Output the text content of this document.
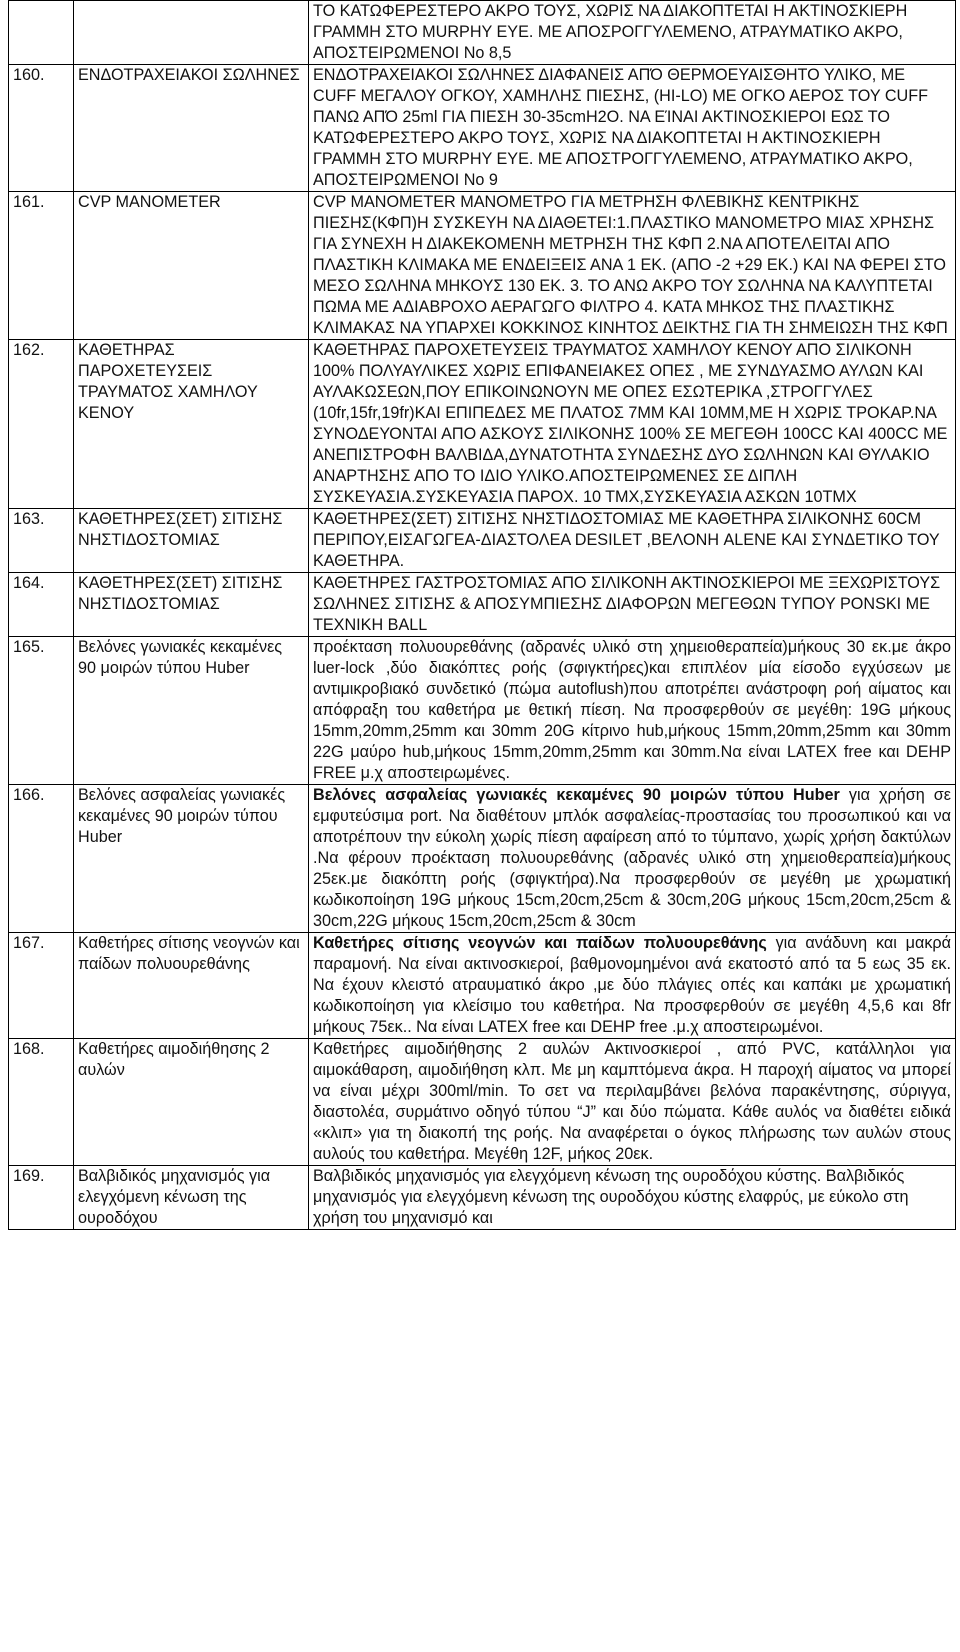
		ΤΟ ΚΑΤΩΦΕΡΕΣΤΕΡΟ ΑΚΡΟ ΤΟΥΣ, ΧΩΡΙΣ ΝΑ ΔΙΑΚΟΠΤΕΤΑΙ Η ΑΚΤΙΝΟΣΚΙΕΡΗ ΓΡΑΜΜΗ ΣΤΟ MURPHY ΕΥΕ. ΜΕ ΑΠΟΣΡΟΓΓΥΛΕΜΕΝΟ, ΑΤΡΑΥΜΑΤΙΚΟ ΑΚΡΟ, ΑΠΟΣΤΕΙΡΩΜΕΝΟΙ Νο 8,5
160.	ΕΝΔΟΤΡΑΧΕΙΑΚΟΙ ΣΩΛΗΝΕΣ	ΕΝΔΟΤΡΑΧΕΙΑΚΟΙ ΣΩΛΗΝΕΣ ΔΙΑΦΑΝΕΙΣ ΑΠΌ ΘΕΡΜΟΕΥΑΙΣΘΗΤΟ ΥΛΙΚΟ, ΜΕ CUFF ΜΕΓΑΛΟΥ ΟΓΚΟΥ, ΧΑΜΗΛΗΣ ΠΙΕΣΗΣ, (HI-LO) ΜΕ ΟΓΚΟ ΑΕΡΟΣ ΤΟΥ CUFF ΠΑΝΩ ΑΠΌ 25ml ΓΙΑ ΠΙΕΣΗ 30-35cmH2O. ΝΑ ΕΊΝΑΙ ΑΚΤΙΝΟΣΚΙΕΡΟΙ ΕΩΣ ΤΟ ΚΑΤΩΦΕΡΕΣΤΕΡΟ ΑΚΡΟ ΤΟΥΣ, ΧΩΡΙΣ ΝΑ ΔΙΑΚΟΠΤΕΤΑΙ Η ΑΚΤΙΝΟΣΚΙΕΡΗ ΓΡΑΜΜΗ ΣΤΟ MURPHY ΕΥΕ. ΜΕ ΑΠΟΣΤΡΟΓΓΥΛΕΜΕΝΟ, ΑΤΡΑΥΜΑΤΙΚΟ ΑΚΡΟ, ΑΠΟΣΤΕΙΡΩΜΕΝΟΙ Νο 9
161.	CVP MANOMETER	CVP MANOMETER ΜΑΝΟΜΕΤΡΟ ΓΙΑ ΜΕΤΡΗΣΗ ΦΛΕΒΙΚΗΣ ΚΕΝΤΡΙΚΗΣ ΠΙΕΣΗΣ(ΚΦΠ)Η ΣΥΣΚΕΥΗ ΝΑ ΔΙΑΘΕΤΕΙ:1.ΠΛΑΣΤΙΚΟ ΜΑΝΟΜΕΤΡΟ ΜΙΑΣ ΧΡΗΣΗΣ ΓΙΑ ΣΥΝΕΧΗ Η ΔΙΑΚΕΚΟΜΕΝΗ ΜΕΤΡΗΣΗ ΤΗΣ ΚΦΠ 2.ΝΑ ΑΠΟΤΕΛΕΙΤΑΙ ΑΠΟ ΠΛΑΣΤΙΚΗ ΚΛΙΜΑΚΑ ΜΕ ΕΝΔΕΙΞΕΙΣ ΑΝΑ 1 ΕΚ. (ΑΠΟ -2 +29 ΕΚ.) ΚΑΙ ΝΑ ΦΕΡΕΙ ΣΤΟ ΜΕΣΟ ΣΩΛΗΝΑ ΜΗΚΟΥΣ 130 ΕΚ. 3. ΤΟ ΑΝΩ ΑΚΡΟ ΤΟΥ ΣΩΛΗΝΑ ΝΑ ΚΑΛΥΠΤΕΤΑΙ ΠΩΜΑ ΜΕ ΑΔΙΑΒΡΟΧΟ ΑΕΡΑΓΩΓΟ ΦΙΛΤΡΟ 4. ΚΑΤΑ ΜΗΚΟΣ ΤΗΣ ΠΛΑΣΤΙΚΗΣ ΚΛΙΜΑΚΑΣ ΝΑ ΥΠΑΡΧΕΙ ΚΟΚΚΙΝΟΣ ΚΙΝΗΤΟΣ ΔΕΙΚΤΗΣ ΓΙΑ ΤΗ ΣΗΜΕΙΩΣΗ ΤΗΣ ΚΦΠ
162.	ΚΑΘΕΤΗΡΑΣ ΠΑΡΟΧΕΤΕΥΣΕΙΣ ΤΡΑΥΜΑΤΟΣ ΧΑΜΗΛΟΥ ΚΕΝΟΥ	ΚΑΘΕΤΗΡΑΣ ΠΑΡΟΧΕΤΕΥΣΕΙΣ ΤΡΑΥΜΑΤΟΣ ΧΑΜΗΛΟΥ ΚΕΝΟΥ ΑΠΟ ΣΙΛΙΚΟΝΗ 100% ΠΟΛΥΑΥΛΙΚΕΣ ΧΩΡΙΣ ΕΠΙΦΑΝΕΙΑΚΕΣ ΟΠΕΣ , ΜΕ ΣΥΝΔΥΑΣΜΟ ΑΥΛΩΝ ΚΑΙ ΑΥΛΑΚΩΣΕΩΝ,ΠΟΥ ΕΠΙΚΟΙΝΩΝΟΥΝ ΜΕ ΟΠΕΣ ΕΣΩΤΕΡΙΚΑ ,ΣΤΡΟΓΓΥΛΕΣ (10fr,15fr,19fr)ΚΑΙ ΕΠΙΠΕΔΕΣ ΜΕ ΠΛΑΤΟΣ 7ΜΜ ΚΑΙ 10ΜΜ,ΜΕ Η ΧΩΡΙΣ ΤΡΟΚΑΡ.ΝΑ ΣΥΝΟΔΕΥΟΝΤΑΙ ΑΠΟ ΑΣΚΟΥΣ ΣΙΛΙΚΟΝΗΣ 100% ΣΕ ΜΕΓΕΘΗ 100CC ΚΑΙ 400CC ΜΕ ΑΝΕΠΙΣΤΡΟΦΗ ΒΑΛΒΙΔΑ,ΔΥΝΑΤΟΤΗΤΑ ΣΥΝΔΕΣΗΣ ΔΥΟ ΣΩΛΗΝΩΝ ΚΑΙ ΘΥΛΑΚΙΟ ΑΝΑΡΤΗΣΗΣ ΑΠΟ ΤΟ ΙΔΙΟ ΥΛΙΚΟ.ΑΠΟΣΤΕΙΡΩΜΕΝΕΣ ΣΕ ΔΙΠΛΗ ΣΥΣΚΕΥΑΣΙΑ.ΣΥΣΚΕΥΑΣΙΑ ΠΑΡΟΧ. 10 ΤΜΧ,ΣΥΣΚΕΥΑΣΙΑ ΑΣΚΩΝ 10ΤΜΧ
163.	ΚΑΘΕΤΗΡΕΣ(ΣΕΤ) ΣΙΤΙΣΗΣ ΝΗΣΤΙΔΟΣΤΟΜΙΑΣ	ΚΑΘΕΤΗΡΕΣ(ΣΕΤ) ΣΙΤΙΣΗΣ ΝΗΣΤΙΔΟΣΤΟΜΙΑΣ ΜΕ ΚΑΘΕΤΗΡΑ ΣΙΛΙΚΟΝΗΣ 60CM ΠΕΡΙΠΟΥ,ΕΙΣΑΓΩΓΕΑ-ΔΙΑΣΤΟΛΕΑ DESILET ,ΒΕΛΟΝΗ ALENE ΚΑΙ ΣΥΝΔΕΤΙΚΟ ΤΟΥ ΚΑΘΕΤΗΡΑ.
164.	ΚΑΘΕΤΗΡΕΣ(ΣΕΤ) ΣΙΤΙΣΗΣ ΝΗΣΤΙΔΟΣΤΟΜΙΑΣ	ΚΑΘΕΤΗΡΕΣ ΓΑΣΤΡΟΣΤΟΜΙΑΣ ΑΠΟ ΣΙΛΙΚΟΝΗ ΑΚΤΙΝΟΣΚΙΕΡΟΙ ΜΕ ΞΕΧΩΡΙΣΤΟΥΣ ΣΩΛΗΝΕΣ ΣΙΤΙΣΗΣ & ΑΠΟΣΥΜΠΙΕΣΗΣ ΔΙΑΦΟΡΩΝ ΜΕΓΕΘΩΝ ΤΥΠΟΥ PONSKI ΜΕ ΤΕΧΝΙΚΗ BALL
165.	Βελόνες γωνιακές κεκαμένες 90 μοιρών τύπου Huber	προέκταση πολυουρεθάνης (αδρανές υλικό στη χημειοθεραπεία)μήκους 30 εκ.με άκρο luer-lock ,δύο διακόπτες ροής (σφιγκτήρες)και επιπλέον μία είσοδο εγχύσεων με αντιμικροβιακό συνδετικό (πώμα autoflush)που αποτρέπει ανάστροφη ροή αίματος και απόφραξη του καθετήρα με θετική πίεση. Να προσφερθούν σε μεγέθη: 19G μήκους 15mm,20mm,25mm και 30mm 20G κίτρινο hub,μήκους 15mm,20mm,25mm και 30mm 22G μαύρο hub,μήκους 15mm,20mm,25mm και 30mm.Να είναι LATEX free και DEHP FREE μ.χ αποστειρωμένες.
166.	Βελόνες ασφαλείας γωνιακές κεκαμένες 90 μοιρών τύπου Huber	Βελόνες ασφαλείας γωνιακές κεκαμένες 90 μοιρών τύπου Huber για χρήση σε εμφυτεύσιμα port. Να διαθέτουν μπλόκ ασφαλείας-προστασίας του προσωπικού και να αποτρέπουν την εύκολη χωρίς πίεση αφαίρεση από το τύμπανο, χωρίς χρήση δακτύλων .Να φέρουν προέκταση πολυουρεθάνης (αδρανές υλικό στη χημειοθεραπεία)μήκους 25εκ.με διακόπτη ροής (σφιγκτήρα).Να προσφερθούν σε μεγέθη με χρωματική κωδικοποίηση 19G μήκους 15cm,20cm,25cm & 30cm,20G μήκους 15cm,20cm,25cm & 30cm,22G μήκους 15cm,20cm,25cm & 30cm
167.	Καθετήρες σίτισης νεογνών και παίδων πολυουρεθάνης	Καθετήρες σίτισης νεογνών και παίδων πολυουρεθάνης για ανάδυνη και μακρά παραμονή. Να είναι ακτινοσκιεροί, βαθμονομημένοι ανά εκατοστό από τα 5 εως 35 εκ. Να έχουν κλειστό ατραυματικό άκρο ,με δύο πλάγιες οπές και καπάκι με χρωματική κωδικοποίηση για κλείσιμο του καθετήρα. Να προσφερθούν σε μεγέθη 4,5,6 και 8fr μήκους 75εκ.. Να είναι LATEX free και DEHP free .μ.χ αποστειρωμένοι.
168.	Καθετήρες αιμοδιήθησης 2 αυλών	Καθετήρες αιμοδιήθησης 2 αυλών Ακτινοσκιεροί , από PVC, κατάλληλοι για αιμοκάθαρση, αιμοδιήθηση κλπ. Με μη καμπτόμενα άκρα. Η παροχή αίματος να μπορεί να είναι μέχρι 300ml/min. Το σετ να περιλαμβάνει βελόνα παρακέντησης, σύριγγα, διαστολέα, συρμάτινο οδηγό τύπου “J” και δύο πώματα. Κάθε αυλός να διαθέτει ειδικά «κλιπ» για τη διακοπή της ροής. Να αναφέρεται ο όγκος πλήρωσης των αυλών στους αυλούς του καθετήρα. Μεγέθη 12F, μήκος 20εκ.
169.	Βαλβιδικός μηχανισμός για ελεγχόμενη κένωση της ουροδόχου	Βαλβιδικός μηχανισμός για ελεγχόμενη κένωση της ουροδόχου κύστης. Βαλβιδικός μηχανισμός για ελεγχόμενη κένωση της ουροδόχου κύστης ελαφρύς, με εύκολο στη χρήση του μηχανισμό και
